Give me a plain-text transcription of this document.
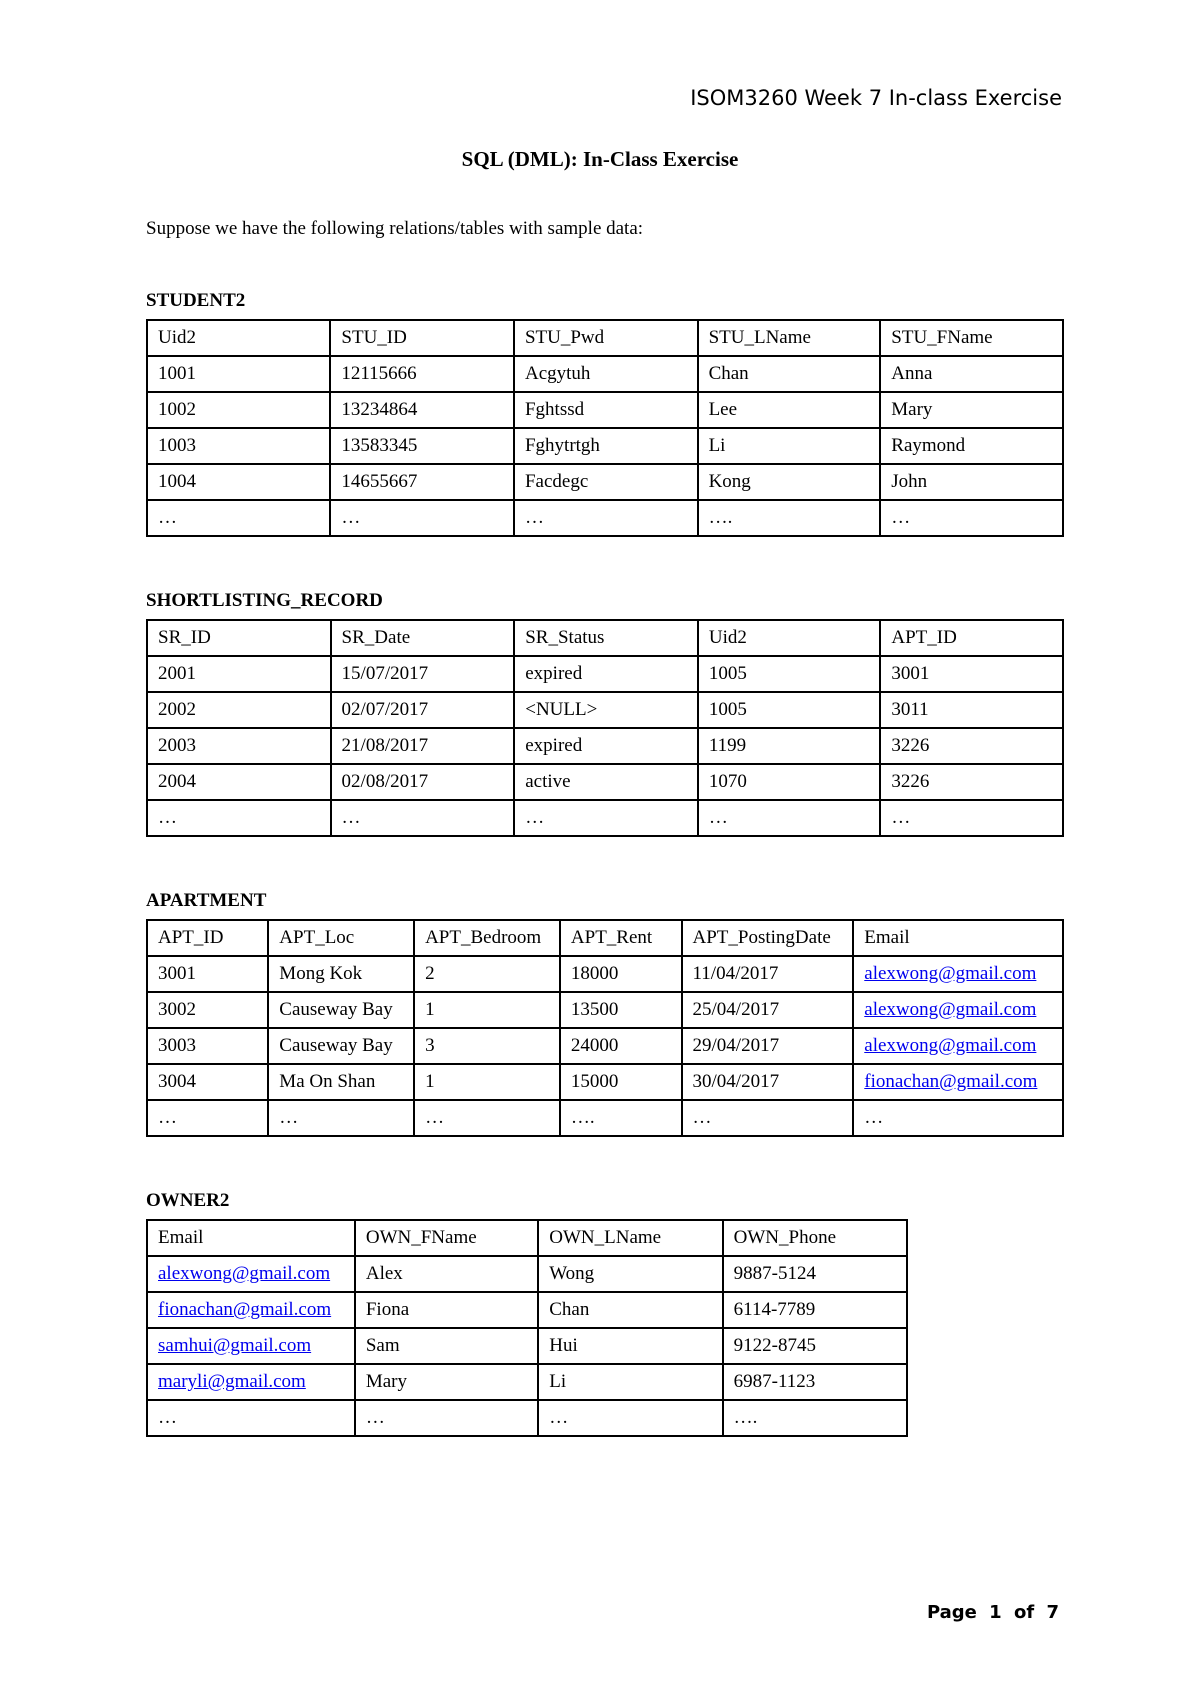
ISOM3260 Week 7 In-class Exercise
SQL (DML): In-Class Exercise
Suppose we have the following relations/tables with sample data:
STUDENT2
Uid2	STU_ID	STU_Pwd	STU_LName	STU_FName
1001	12115666	Acgytuh	Chan	Anna
1002	13234864	Fghtssd	Lee	Mary
1003	13583345	Fghytrtgh	Li	Raymond
1004	14655667	Facdegc	Kong	John
…	…	…	….	…
SHORTLISTING_RECORD
SR_ID	SR_Date	SR_Status	Uid2	APT_ID
2001	15/07/2017	expired	1005	3001
2002	02/07/2017	<NULL>	1005	3011
2003	21/08/2017	expired	1199	3226
2004	02/08/2017	active	1070	3226
…	…	…	…	…
APARTMENT
APT_ID	APT_Loc	APT_Bedroom	APT_Rent	APT_PostingDate	Email
3001	Mong Kok	2	18000	11/04/2017	alexwong@gmail.com
3002	Causeway Bay	1	13500	25/04/2017	alexwong@gmail.com
3003	Causeway Bay	3	24000	29/04/2017	alexwong@gmail.com
3004	Ma On Shan	1	15000	30/04/2017	fionachan@gmail.com
…	…	…	….	…	…
OWNER2
Email	OWN_FName	OWN_LName	OWN_Phone
alexwong@gmail.com	Alex	Wong	9887-5124
fionachan@gmail.com	Fiona	Chan	6114-7789
samhui@gmail.com	Sam	Hui	9122-8745
maryli@gmail.com	Mary	Li	6987-1123
…	…	…	….
Page 1 of 7
